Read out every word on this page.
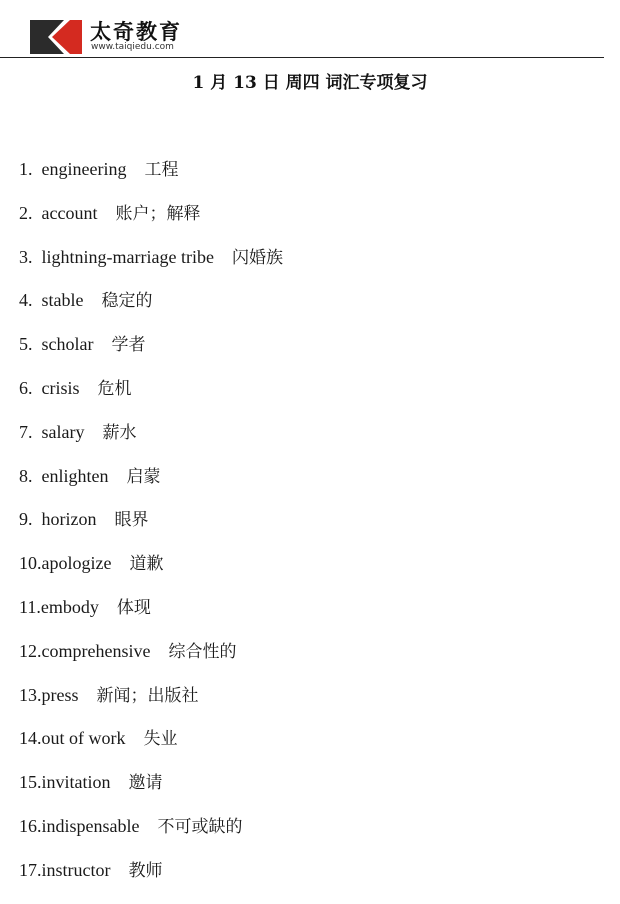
太奇教育
www.taiqiedu.com
1 月 13 日 周四 词汇专项复习
1.  engineering 工程
2.  account 账户；解释
3.  lightning-marriage tribe 闪婚族
4.  stable 稳定的
5.  scholar 学者
6.  crisis 危机
7.  salary 薪水
8.  enlighten 启蒙
9.  horizon 眼界
10.apologize 道歉
11.embody 体现
12.comprehensive 综合性的
13.press 新闻；出版社
14.out of work 失业
15.invitation 邀请
16.indispensable 不可或缺的
17.instructor 教师
